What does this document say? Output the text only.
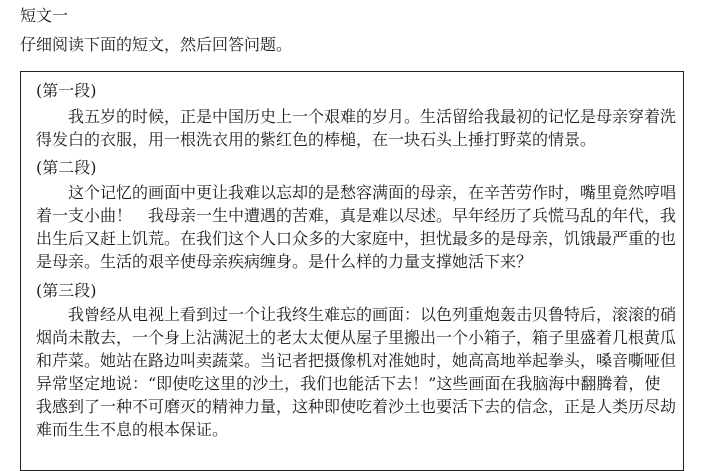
短文一
仔细阅读下面的短文，然后回答问题。
(第一段)
我五岁的时候，正是中国历史上一个艰难的岁月。生活留给我最初的记忆是母亲穿着洗
得发白的衣服，用一根洗衣用的紫红色的棒槌，在一块石头上捶打野菜的情景。
(第二段)
这个记忆的画面中更让我难以忘却的是愁容满面的母亲，在辛苦劳作时，嘴里竟然哼唱
着一支小曲！　我母亲一生中遭遇的苦难，真是难以尽述。早年经历了兵慌马乱的年代，我
出生后又赶上饥荒。在我们这个人口众多的大家庭中，担忧最多的是母亲，饥饿最严重的也
是母亲。生活的艰辛使母亲疾病缠身。是什么样的力量支撑她活下来？
(第三段)
我曾经从电视上看到过一个让我终生难忘的画面：以色列重炮轰击贝鲁特后，滚滚的硝
烟尚未散去，一个身上沾满泥土的老太太便从屋子里搬出一个小箱子，箱子里盛着几根黄瓜
和芹菜。她站在路边叫卖蔬菜。当记者把摄像机对准她时，她高高地举起拳头，嗓音嘶哑但
异常坚定地说：“即使吃这里的沙土，我们也能活下去！”这些画面在我脑海中翻腾着，使
我感到了一种不可磨灭的精神力量，这种即使吃着沙土也要活下去的信念，正是人类历尽劫
难而生生不息的根本保证。
